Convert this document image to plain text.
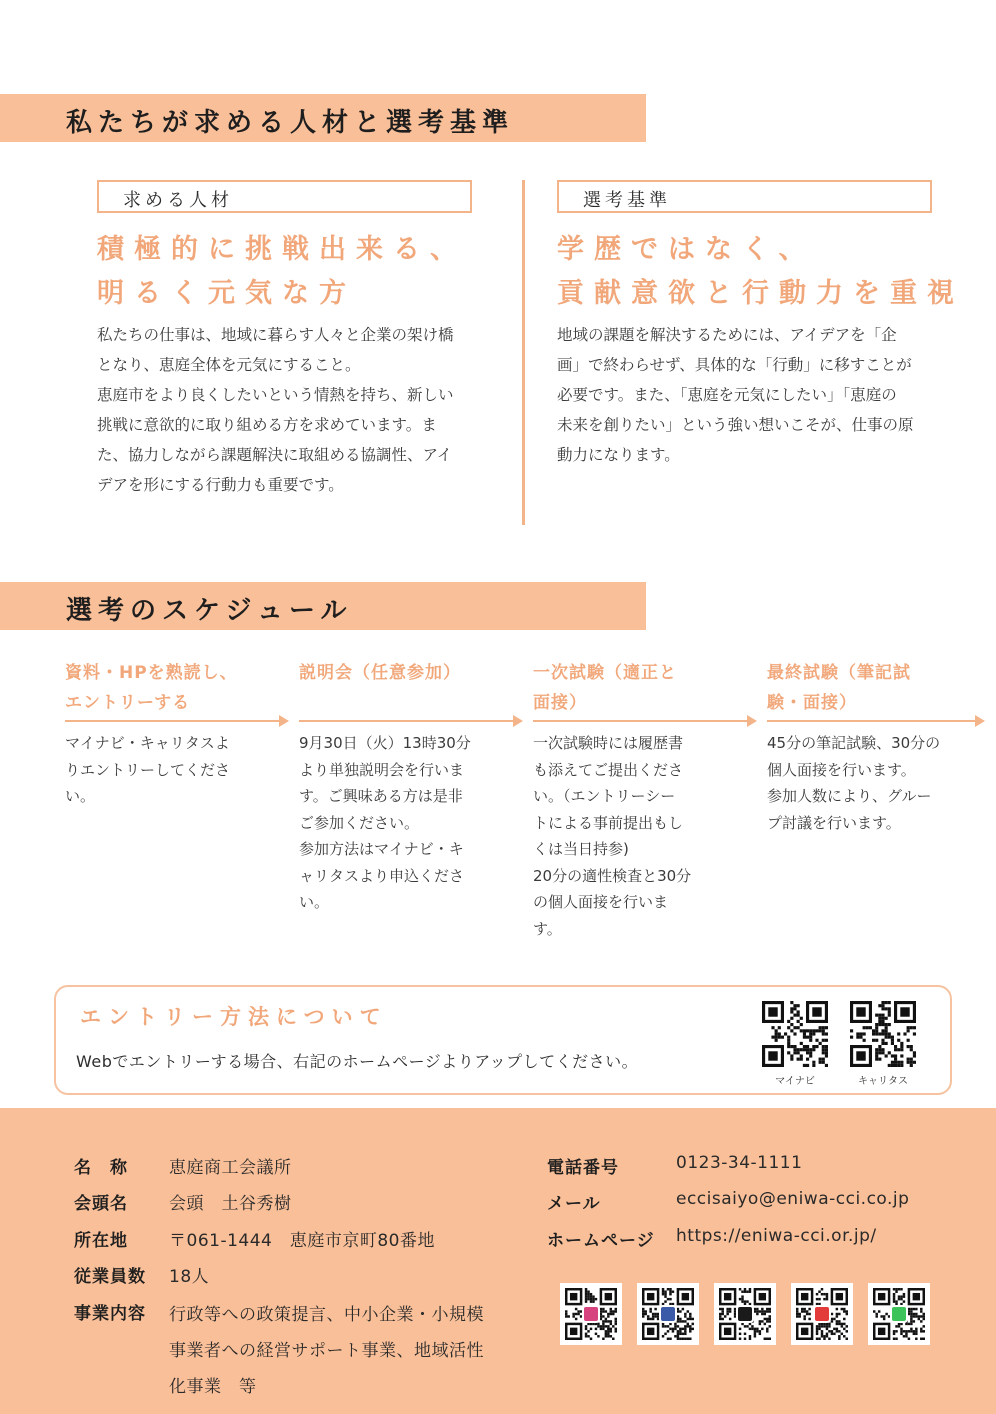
私たちが求める人材と選考基準
求める人材
積極的に挑戦出来る、
明るく元気な方
私たちの仕事は、地域に暮らす人々と企業の架け橋
となり、恵庭全体を元気にすること。
恵庭市をより良くしたいという情熱を持ち、新しい
挑戦に意欲的に取り組める方を求めています。ま
た、協力しながら課題解決に取組める協調性、アイ
デアを形にする行動力も重要です。
選考基準
学歴ではなく、
貢献意欲と行動力を重視
地域の課題を解決するためには、アイデアを「企
画」で終わらせず、具体的な「行動」に移すことが
必要です。また、「恵庭を元気にしたい」「恵庭の
未来を創りたい」という強い想いこそが、仕事の原
動力になります。
選考のスケジュール
資料・HPを熟読し、
エントリーする
マイナビ・キャリタスよ
りエントリーしてくださ
い。
説明会（任意参加）
9月30日（火）13時30分
より単独説明会を行いま
す。ご興味ある方は是非
ご参加ください。
参加方法はマイナビ・キ
ャリタスより申込くださ
い。
一次試験（適正と
面接）
一次試験時には履歴書
も添えてご提出くださ
い。（エントリーシー
トによる事前提出もし
くは当日持参)
20分の適性検査と30分
の個人面接を行いま
す。
最終試験（筆記試
験・面接）
45分の筆記試験、30分の
個人面接を行います。
参加人数により、グルー
プ討議を行います。
エントリー方法について
Webでエントリーする場合、右記のホームページよりアップしてください。
マイナビ	キャリタス
名　称 恵庭商工会議所
会頭名 会頭　土谷秀樹
所在地 〒061-1444　恵庭市京町80番地
従業員数 18人
事業内容 行政等への政策提言、中小企業・小規模
事業者への経営サポート事業、地域活性
化事業　等
電話番号	0123-34-1111
メール	eccisaiyo@eniwa-cci.co.jp
ホームページ https://eniwa-cci.or.jp/
